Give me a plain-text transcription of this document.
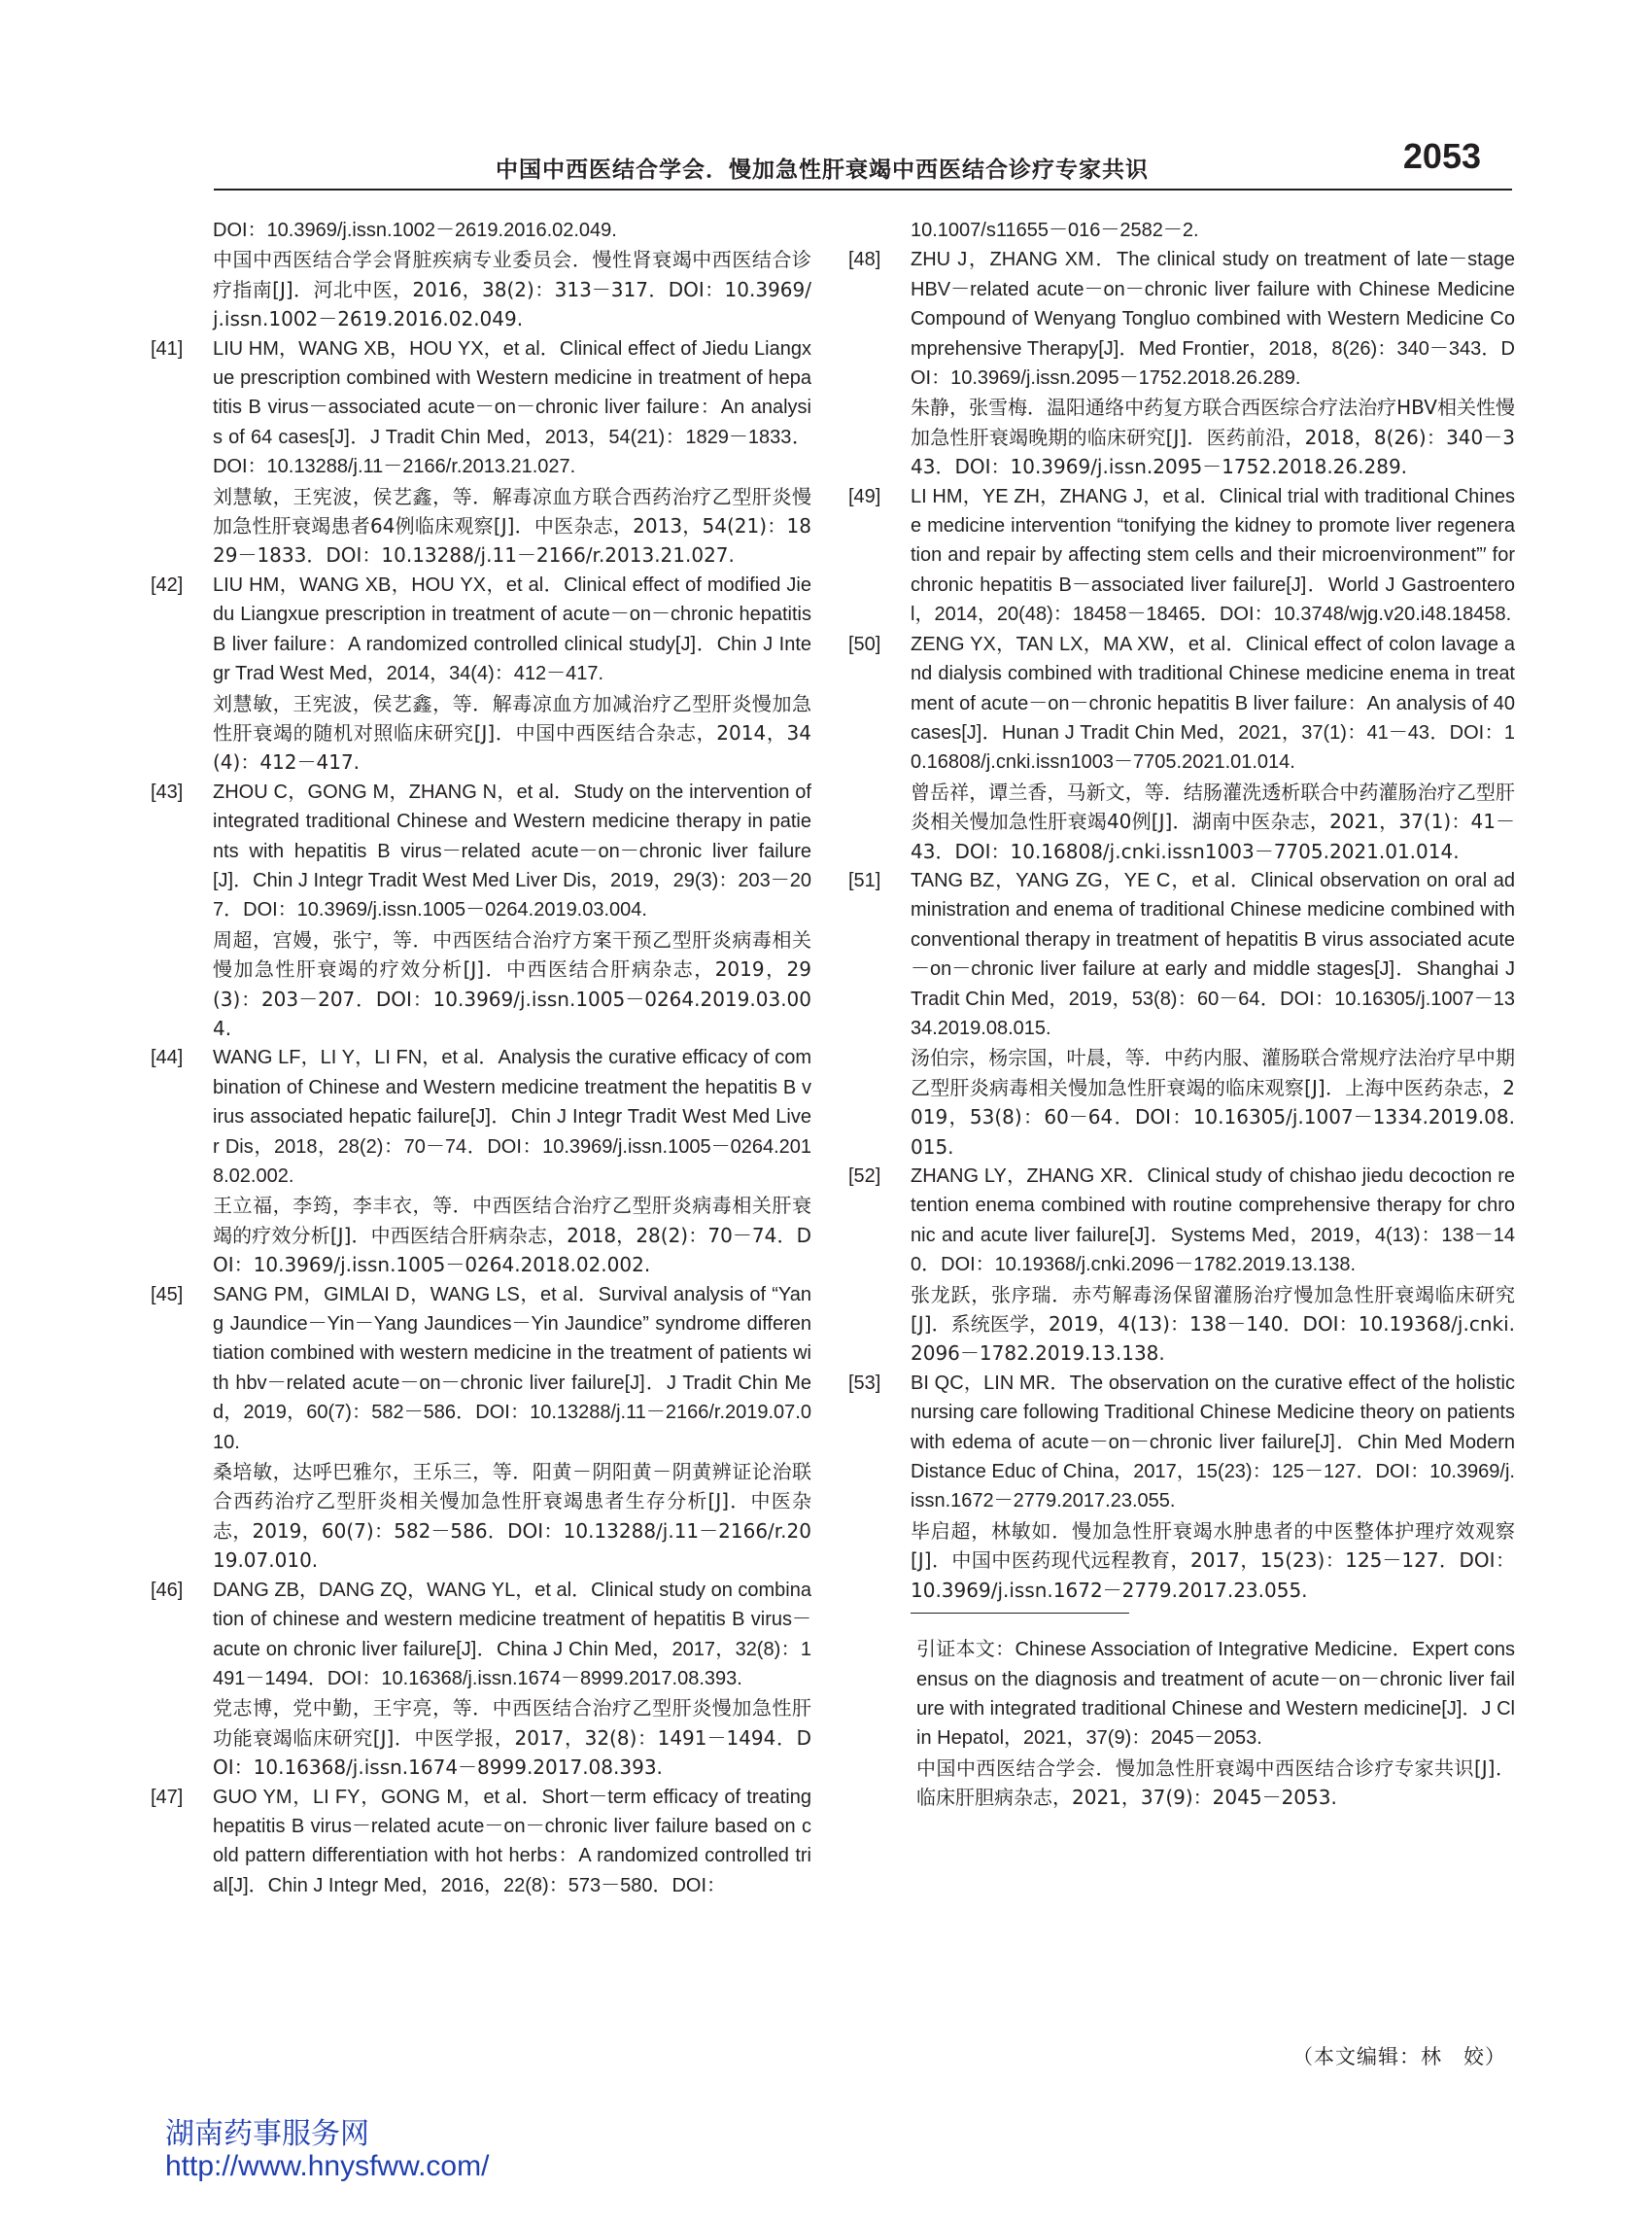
中国中西医结合学会．慢加急性肝衰竭中西医结合诊疗专家共识	2053
DOI：10.3969/j.issn.1002－2619.2016.02.049.
中国中西医结合学会肾脏疾病专业委员会．慢性肾衰竭中西医结合诊疗指南[J]．河北中医，2016，38(2)：313－317．DOI：10.3969/j.issn.1002－2619.2016.02.049.
[41] LIU HM，WANG XB，HOU YX，et al．Clinical effect of Jiedu Liangxue prescription combined with Western medicine in treatment of hepatitis B virus－associated acute－on－chronic liver failure：An analysis of 64 cases[J]．J Tradit Chin Med，2013，54(21)：1829－1833．DOI：10.13288/j.11－2166/r.2013.21.027.
刘慧敏，王宪波，侯艺鑫，等．解毒凉血方联合西药治疗乙型肝炎慢加急性肝衰竭患者64例临床观察[J]．中医杂志，2013，54(21)：1829－1833．DOI：10.13288/j.11－2166/r.2013.21.027.
[42] LIU HM，WANG XB，HOU YX，et al．Clinical effect of modified Jiedu Liangxue prescription in treatment of acute－on－chronic hepatitis B liver failure：A randomized controlled clinical study[J]．Chin J Integr Trad West Med，2014，34(4)：412－417.
刘慧敏，王宪波，侯艺鑫，等．解毒凉血方加减治疗乙型肝炎慢加急性肝衰竭的随机对照临床研究[J]．中国中西医结合杂志，2014，34(4)：412－417.
[43] ZHOU C，GONG M，ZHANG N，et al．Study on the intervention of integrated traditional Chinese and Western medicine therapy in patients with hepatitis B virus－related acute－on－chronic liver failure[J]．Chin J Integr Tradit West Med Liver Dis，2019，29(3)：203－207．DOI：10.3969/j.issn.1005－0264.2019.03.004.
周超，宫嫚，张宁，等．中西医结合治疗方案干预乙型肝炎病毒相关慢加急性肝衰竭的疗效分析[J]．中西医结合肝病杂志，2019，29(3)：203－207．DOI：10.3969/j.issn.1005－0264.2019.03.004.
[44] WANG LF，LI Y，LI FN，et al．Analysis the curative efficacy of combination of Chinese and Western medicine treatment the hepatitis B virus associated hepatic failure[J]．Chin J Integr Tradit West Med Liver Dis，2018，28(2)：70－74．DOI：10.3969/j.issn.1005－0264.2018.02.002.
王立福，李筠，李丰衣，等．中西医结合治疗乙型肝炎病毒相关肝衰竭的疗效分析[J]．中西医结合肝病杂志，2018，28(2)：70－74．DOI：10.3969/j.issn.1005－0264.2018.02.002.
[45] SANG PM，GIMLAI D，WANG LS，et al．Survival analysis of “Yang Jaundice－Yin－Yang Jaundices－Yin Jaundice” syndrome differentiation combined with western medicine in the treatment of patients with hbv－related acute－on－chronic liver failure[J]．J Tradit Chin Med，2019，60(7)：582－586．DOI：10.13288/j.11－2166/r.2019.07.010.
桑培敏，达呼巴雅尔，王乐三，等．阳黄－阴阳黄－阴黄辨证论治联合西药治疗乙型肝炎相关慢加急性肝衰竭患者生存分析[J]．中医杂志，2019，60(7)：582－586．DOI：10.13288/j.11－2166/r.2019.07.010.
[46] DANG ZB，DANG ZQ，WANG YL，et al．Clinical study on combination of chinese and western medicine treatment of hepatitis B virus－acute on chronic liver failure[J]．China J Chin Med，2017，32(8)：1491－1494．DOI：10.16368/j.issn.1674－8999.2017.08.393.
党志博，党中勤，王宇亮，等．中西医结合治疗乙型肝炎慢加急性肝功能衰竭临床研究[J]．中医学报，2017，32(8)：1491－1494．DOI：10.16368/j.issn.1674－8999.2017.08.393.
[47] GUO YM，LI FY，GONG M，et al．Short－term efficacy of treating hepatitis B virus－related acute－on－chronic liver failure based on cold pattern differentiation with hot herbs：A randomized controlled trial[J]．Chin J Integr Med，2016，22(8)：573－580．DOI：
10.1007/s11655－016－2582－2.
[48] ZHU J，ZHANG XM．The clinical study on treatment of late－stage HBV－related acute－on－chronic liver failure with Chinese Medicine Compound of Wenyang Tongluo combined with Western Medicine Comprehensive Therapy[J]．Med Frontier，2018，8(26)：340－343．DOI：10.3969/j.issn.2095－1752.2018.26.289.
朱静，张雪梅．温阳通络中药复方联合西医综合疗法治疗HBV相关性慢加急性肝衰竭晚期的临床研究[J]．医药前沿，2018，8(26)：340－343．DOI：10.3969/j.issn.2095－1752.2018.26.289.
[49] LI HM，YE ZH，ZHANG J，et al．Clinical trial with traditional Chinese medicine intervention “tonifying the kidney to promote liver regeneration and repair by affecting stem cells and their microenvironment”′ for chronic hepatitis B－associated liver failure[J]．World J Gastroenterol，2014，20(48)：18458－18465．DOI：10.3748/wjg.v20.i48.18458.
[50] ZENG YX，TAN LX，MA XW，et al．Clinical effect of colon lavage and dialysis combined with traditional Chinese medicine enema in treatment of acute－on－chronic hepatitis B liver failure：An analysis of 40 cases[J]．Hunan J Tradit Chin Med，2021，37(1)：41－43．DOI：10.16808/j.cnki.issn1003－7705.2021.01.014.
曾岳祥，谭兰香，马新文，等．结肠灌洗透析联合中药灌肠治疗乙型肝炎相关慢加急性肝衰竭40例[J]．湖南中医杂志，2021，37(1)：41－43．DOI：10.16808/j.cnki.issn1003－7705.2021.01.014.
[51] TANG BZ，YANG ZG，YE C，et al．Clinical observation on oral administration and enema of traditional Chinese medicine combined with conventional therapy in treatment of hepatitis B virus associated acute－on－chronic liver failure at early and middle stages[J]．Shanghai J Tradit Chin Med，2019，53(8)：60－64．DOI：10.16305/j.1007－1334.2019.08.015.
汤伯宗，杨宗国，叶晨，等．中药内服、灌肠联合常规疗法治疗早中期乙型肝炎病毒相关慢加急性肝衰竭的临床观察[J]．上海中医药杂志，2019，53(8)：60－64．DOI：10.16305/j.1007－1334.2019.08.015.
[52] ZHANG LY，ZHANG XR．Clinical study of chishao jiedu decoction retention enema combined with routine comprehensive therapy for chronic and acute liver failure[J]．Systems Med，2019，4(13)：138－140．DOI：10.19368/j.cnki.2096－1782.2019.13.138.
张龙跃，张序瑞．赤芍解毒汤保留灌肠治疗慢加急性肝衰竭临床研究[J]．系统医学，2019，4(13)：138－140．DOI：10.19368/j.cnki.2096－1782.2019.13.138.
[53] BI QC，LIN MR．The observation on the curative effect of the holistic nursing care following Traditional Chinese Medicine theory on patients with edema of acute－on－chronic liver failure[J]．Chin Med Modern Distance Educ of China，2017，15(23)：125－127．DOI：10.3969/j.issn.1672－2779.2017.23.055.
毕启超，林敏如．慢加急性肝衰竭水肿患者的中医整体护理疗效观察[J]．中国中医药现代远程教育，2017，15(23)：125－127．DOI：10.3969/j.issn.1672－2779.2017.23.055.

引证本文：Chinese Association of Integrative Medicine．Expert consensus on the diagnosis and treatment of acute－on－chronic liver failure with integrated traditional Chinese and Western medicine[J]．J Clin Hepatol，2021，37(9)：2045－2053.

中国中西医结合学会．慢加急性肝衰竭中西医结合诊疗专家共识[J]．临床肝胆病杂志，2021，37(9)：2045－2053.

（本文编辑：林　姣）
湖南药事服务网
http://www.hnysfww.com/
